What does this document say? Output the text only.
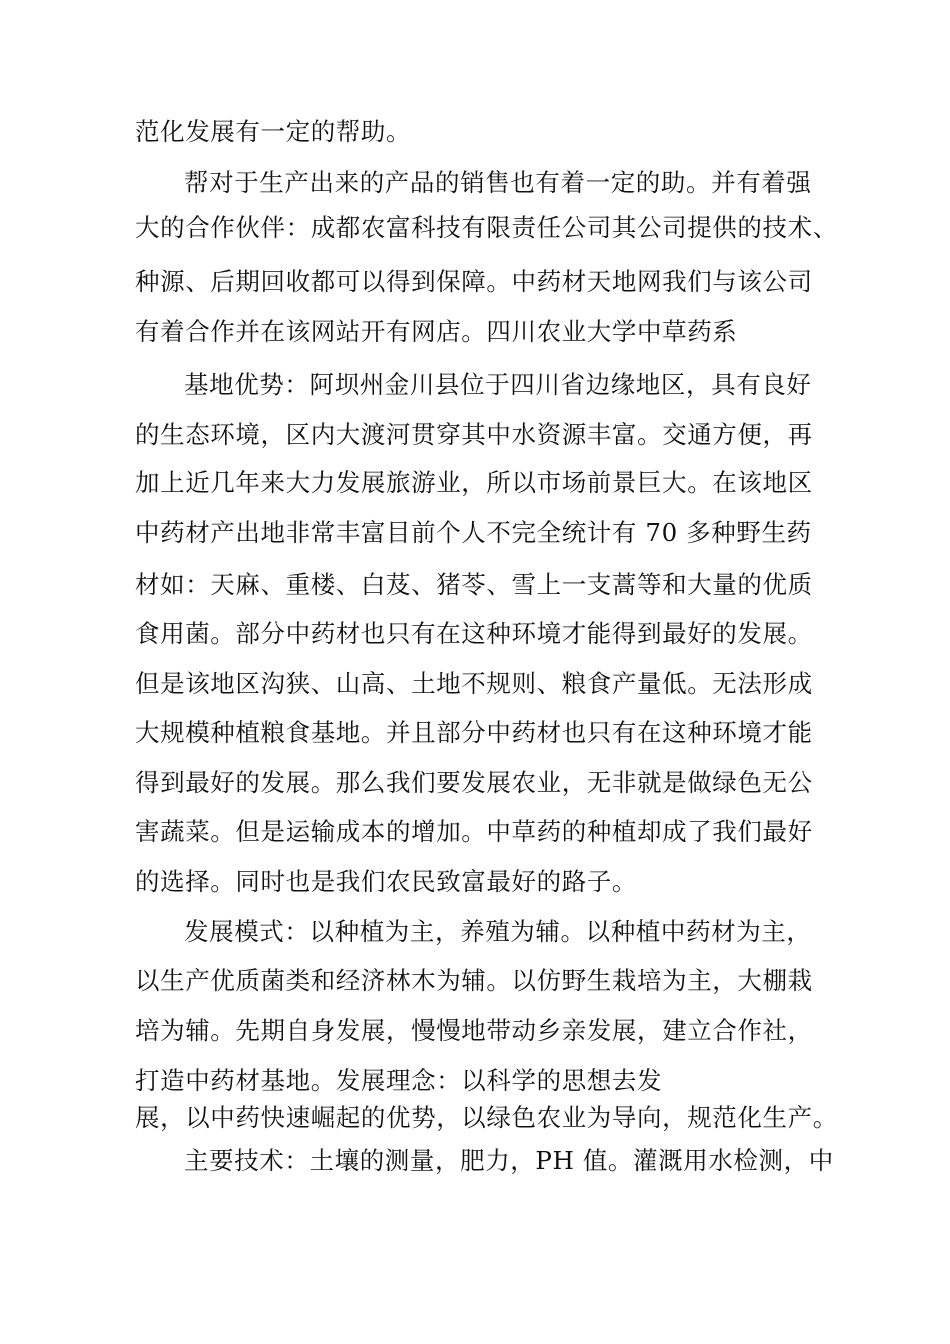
范化发展有一定的帮助。
帮对于生产出来的产品的销售也有着一定的助。并有着强
大的合作伙伴：成都农富科技有限责任公司其公司提供的技术、
种源、后期回收都可以得到保障。中药材天地网我们与该公司
有着合作并在该网站开有网店。四川农业大学中草药系
基地优势：阿坝州金川县位于四川省边缘地区，具有良好
的生态环境，区内大渡河贯穿其中水资源丰富。交通方便，再
加上近几年来大力发展旅游业，所以市场前景巨大。在该地区
中药材产出地非常丰富目前个人不完全统计有 70 多种野生药
材如：天麻、重楼、白芨、猪苓、雪上一支蒿等和大量的优质
食用菌。部分中药材也只有在这种环境才能得到最好的发展。
但是该地区沟狭、山高、土地不规则、粮食产量低。无法形成
大规模种植粮食基地。并且部分中药材也只有在这种环境才能
得到最好的发展。那么我们要发展农业，无非就是做绿色无公
害蔬菜。但是运输成本的增加。中草药的种植却成了我们最好
的选择。同时也是我们农民致富最好的路子。
发展模式：以种植为主，养殖为辅。以种植中药材为主，
以生产优质菌类和经济林木为辅。以仿野生栽培为主，大棚栽
培为辅。先期自身发展，慢慢地带动乡亲发展，建立合作社，
打造中药材基地。发展理念：以科学的思想去发
展，以中药快速崛起的优势，以绿色农业为导向，规范化生产。
主要技术：土壤的测量，肥力，PH 值。灌溉用水检测，中
